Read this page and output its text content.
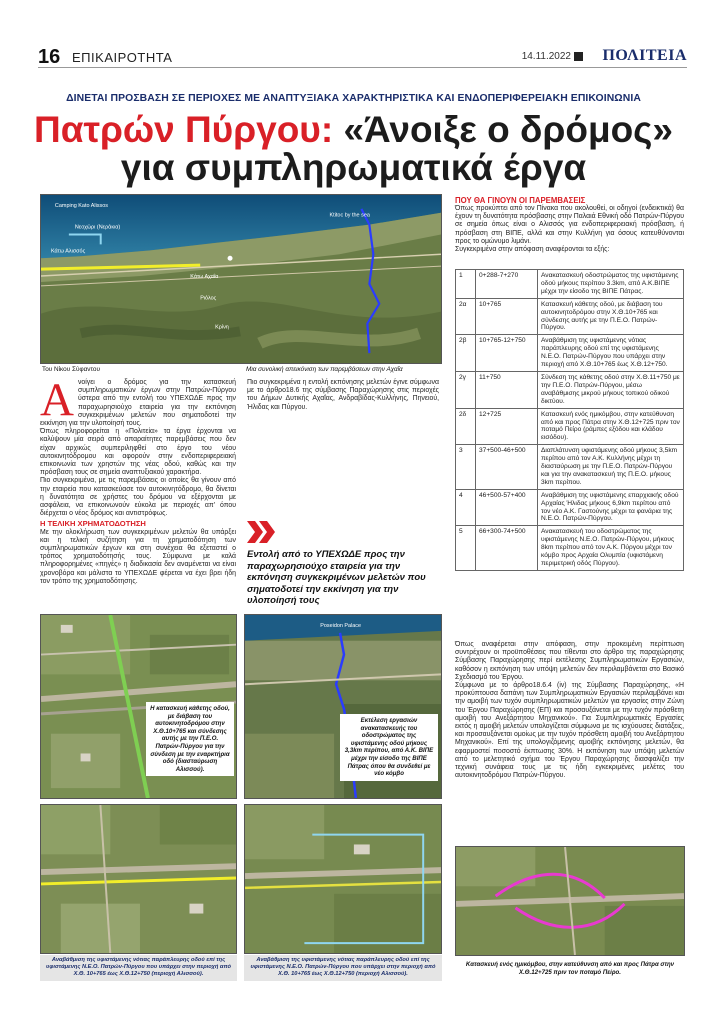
16 ΕΠΙΚΑΙΡΟΤΗΤΑ	14.11.2022 ΠΟΛΙΤΕΙΑ
ΔΙΝΕΤΑΙ ΠΡΟΣΒΑΣΗ ΣΕ ΠΕΡΙΟΧΕΣ ΜΕ ΑΝΑΠΤΥΞΙΑΚΑ ΧΑΡΑΚΤΗΡΙΣΤΙΚΑ ΚΑΙ ΕΝΔΟΠΕΡΙΦΕΡΕΙΑΚΗ ΕΠΙΚΟΙΝΩΝΙΑ
Πατρών Πύργου: «Άνοιξε ο δρόμος»
για συμπληρωματικά έργα
Camping Kato Alissos
Κάτω Αλισσός
Νεοχώρι (Νεράκια)
Ktitoc by the sea
Κρίνη
Κάτω Αχαΐα
Ριόλος
Του Νίκου Σύφαντου	Μια συνολική απεικόνιση των παρεμβάσεων στην Αχαΐα
Α νοίγει ο δρόμος για την κατασκευή συμπληρωματικών έργων στην Πατρών-Πύργου ύστερα από την εντολή του ΥΠΕΧΩΔΕ προς την παραχωρησιούχο εταιρεία για την εκπόνηση συγκεκριμένων μελετών που σηματοδοτεί την εκκίνηση για την υλοποίησή τους.

Όπως πληροφορείται η «Πολιτεία» τα έργα έρχονται να καλύψουν μία σειρά από απαραίτητες παρεμβάσεις που δεν είχαν αρχικώς συμπεριληφθεί στο έργο του νέου αυτοκινητόδρομου και αφορούν στην ενδοπεριφερειακή επικοινωνία των χρηστών της νέας οδού, καθώς και την πρόσβαση τους σε σημεία αναπτυξιακού χαρακτήρα.

Πιο συγκεκριμένα, με τις παρεμβάσεις οι οποίες θα γίνουν από την εταιρεία που κατασκεύασε τον αυτοκινητόδρομο, θα δίνεται η δυνατότητα σε χρήστες του δρόμου να εξέρχονται με ασφάλεια, να επικοινωνούν εύκολα με περιοχές απ' όπου διέρχεται ο νέος δρόμος και αντιστρόφως.

Η ΤΕΛΙΚΗ ΧΡΗΜΑΤΟΔΟΤΗΣΗ

Με την ολοκλήρωση των συγκεκριμένων μελετών θα υπάρξει και η τελική συζήτηση για τη χρηματοδότηση των συμπληρωματικών έργων και στη συνέχεια θα εξεταστεί ο τρόπος χρηματοδότησής τους. Σύμφωνα με καλά πληροφορημένες «πηγές» η διαδικασία δεν αναμένεται να είναι χρονοβόρα και μάλιστα το ΥΠΕΧΩΔΕ φέρεται να έχει βρει ήδη τον τρόπο της χρηματοδότησης.

Πιο συγκεκριμένα η εντολή εκπόνησης μελετών έγινε σύμφωνα με το άρθρο18.6 της σύμβασης Παραχώρησης στις περιοχές του Δήμων Δυτικής Αχαΐας, Ανδραβίδας-Κυλλήνης, Πηνειού, Ήλιδας και Πύργου.

Εντολή από το ΥΠΕΧΩΔΕ προς την παραχωρησιούχο εταιρεία για την εκπόνηση συγκεκριμένων μελετών που σηματοδοτεί την εκκίνηση για την υλοποίησή τους
ΠΟΥ ΘΑ ΓΙΝΟΥΝ ΟΙ ΠΑΡΕΜΒΑΣΕΙΣ

Όπως προκύπτει από τον Πίνακα που ακολουθεί, οι οδηγοί (ενδεικτικά) θα έχουν τη δυνατότητα πρόσβασης στην Παλαιά Εθνική οδό Πατρών-Πύργου σε σημεία όπως είναι ο Αλισσός για ενδοπεριφερειακή πρόσβαση, ή πρόσβαση στη ΒΙΠΕ, αλλά και στην Κυλλήνη για όσους κατευθύνονται προς το ομώνυμο λιμάνι.

Συγκεκριμένα στην απόφαση αναφέρονται τα εξής:

1	0+288-7+270	Ανακατασκευή οδοστρώματος της υφιστάμενης οδού μήκους περίπου 3.3km, από Α.Κ.ΒΙΠΕ μέχρι την είσοδο της ΒΙΠΕ Πάτρας.
2α	10+765	Κατασκευή κάθετης οδού, με διάβαση του αυτοκινητοδρόμου στην Χ.Θ.10+765 και σύνδεσης αυτής με την Π.Ε.Ο. Πατρών-Πύργου.
2β	10+765-12+750	Αναβάθμιση της υφιστάμενης νότιας παράπλευρης οδού επί της υφιστάμενης Ν.Ε.Ο. Πατρών-Πύργου που υπάρχει στην περιοχή από Χ.Θ.10+765 έως Χ.Θ.12+750.
2γ	11+750	Σύνδεση της κάθετης οδού στην Χ.Θ.11+750 με την Π.Ε.Ο. Πατρών-Πύργου, μέσω αναβάθμισης μικρού μήκους τοπικού οδικού δικτύου.
2δ	12+725	Κατασκευή ενός ημικόμβου, στην κατεύθυνση από και προς Πάτρα στην Χ.Θ.12+725 πριν τον ποταμό Πείρο (ράμπες εξόδου και κλάδου εισόδου).
3	37+500-46+500	Διαπλάτυνση υφιστάμενης οδού μήκους 3,5km περίπου από τον Α.Κ. Κυλλήνης μέχρι τη διασταύρωση με την Π.Ε.Ο. Πατρών-Πύργου και για την ανακατασκευή της Π.Ε.Ο. μήκους 3km περίπου.
4	46+500-57+400	Αναβάθμιση της υφιστάμενης επαρχιακής οδού Αρχαίας Ήλιδας μήκους 6,9km περίπου από τον νέο Α.Κ. Γαστούνης μέχρι τα φανάρια της Ν.Ε.Ο. Πατρών-Πύργου.
5	66+300-74+500	Ανακατασκευή του οδοστρώματος της υφιστάμενης Ν.Ε.Ο. Πατρών-Πύργου, μήκους 8km περίπου από τον Α.Κ. Πύργου μέχρι τον κόμβο προς Αρχαία Ολυμπία (υφιστάμενη περιμετρική οδός Πύργου).

Όπως αναφέρεται στην απόφαση, στην προκειμένη περίπτωση συντρέχουν οι προϋποθέσεις που τίθενται στο άρθρο της παραχώρησης Σύμβασης Παραχώρησης περί εκτέλεσης Συμπληρωματικών Εργασιών, καθόσον η εκπόνηση των υπόψη μελετών δεν περιλαμβάνεται στο Βασικό Σχεδιασμό του Έργου.

Σύμφωνα με το άρθρο18.6.4 (iv) της Σύμβασης Παραχώρησης, «Η προκύπτουσα δαπάνη των Συμπληρωματικών Εργασιών περιλαμβάνει και την αμοιβή των τυχόν συμπληρωματικών μελετών για εργασίες στην Ζώνη του Έργου Παραχώρησης (ΕΠ) και προσαυξάνεται με την τυχόν πρόσθετη αμοιβή του Ανεξάρτητου Μηχανικού». Για Συμπληρωματικές Εργασίες εκτός η αμοιβή μελετών υπολογίζεται σύμφωνα με τις ισχύουσες διατάξεις, και προσαυξάνεται ομοίως με την τυχόν πρόσθετη αμοιβή του Ανεξάρτητου Μηχανικού». Επί της υπολογιζόμενης αμοιβής εκπόνησης μελετών, θα εφαρμοστεί ποσοστό έκπτωσης 30%. Η εκπόνηση των υπόψη μελετών από το μελετητικό σχήμα του Έργου Παραχώρησης διασφαλίζει την τεχνική συνάφεια τους με τις ήδη εγκεκριμένες μελέτες του αυτοκινητοδρόμου Πατρών-Πύργου.

Η κατασκευή κάθετης οδού, με διάβαση του αυτοκινητοδρόμου στην Χ.Θ.10+765 και σύνδεσης αυτής με την Π.Ε.Ο. Πατρών-Πύργου για την σύνδεση με την εναρκτήρια οδό (διασταύρωση Αλισσού).
Poseidon Palace
Εκτέλεση εργασιών ανακατασκευής του οδοστρώματος της υφιστάμενης οδού μήκους 3,3km περίπου, από Α.Κ. ΒΙΠΕ μέχρι την είσοδο της ΒΙΠΕ Πάτρας όπου θα συνδεθεί με νέο κόμβο
Αναβάθμιση της υφιστάμενης νότιας παράπλευρης οδού επί της υφιστάμενης Ν.Ε.Ο. Πατρών-Πύργου που υπάρχει στην περιοχή από Χ.Θ. 10+765 έως Χ.Θ.12+750 (περιοχή Αλισσού).
Αναβάθμιση της υφιστάμενης νότιας παράπλευρης οδού επί της υφιστάμενης Ν.Ε.Ο. Πατρών-Πύργου που υπάρχει στην περιοχή από Χ.Θ. 10+765 έως Χ.Θ.12+750 (περιοχή Αλισσού).
Κατασκευή ενός ημικόμβου, στην κατεύθυνση από και προς Πάτρα στην Χ.Θ.12+725 πριν τον ποταμό Πείρο.
